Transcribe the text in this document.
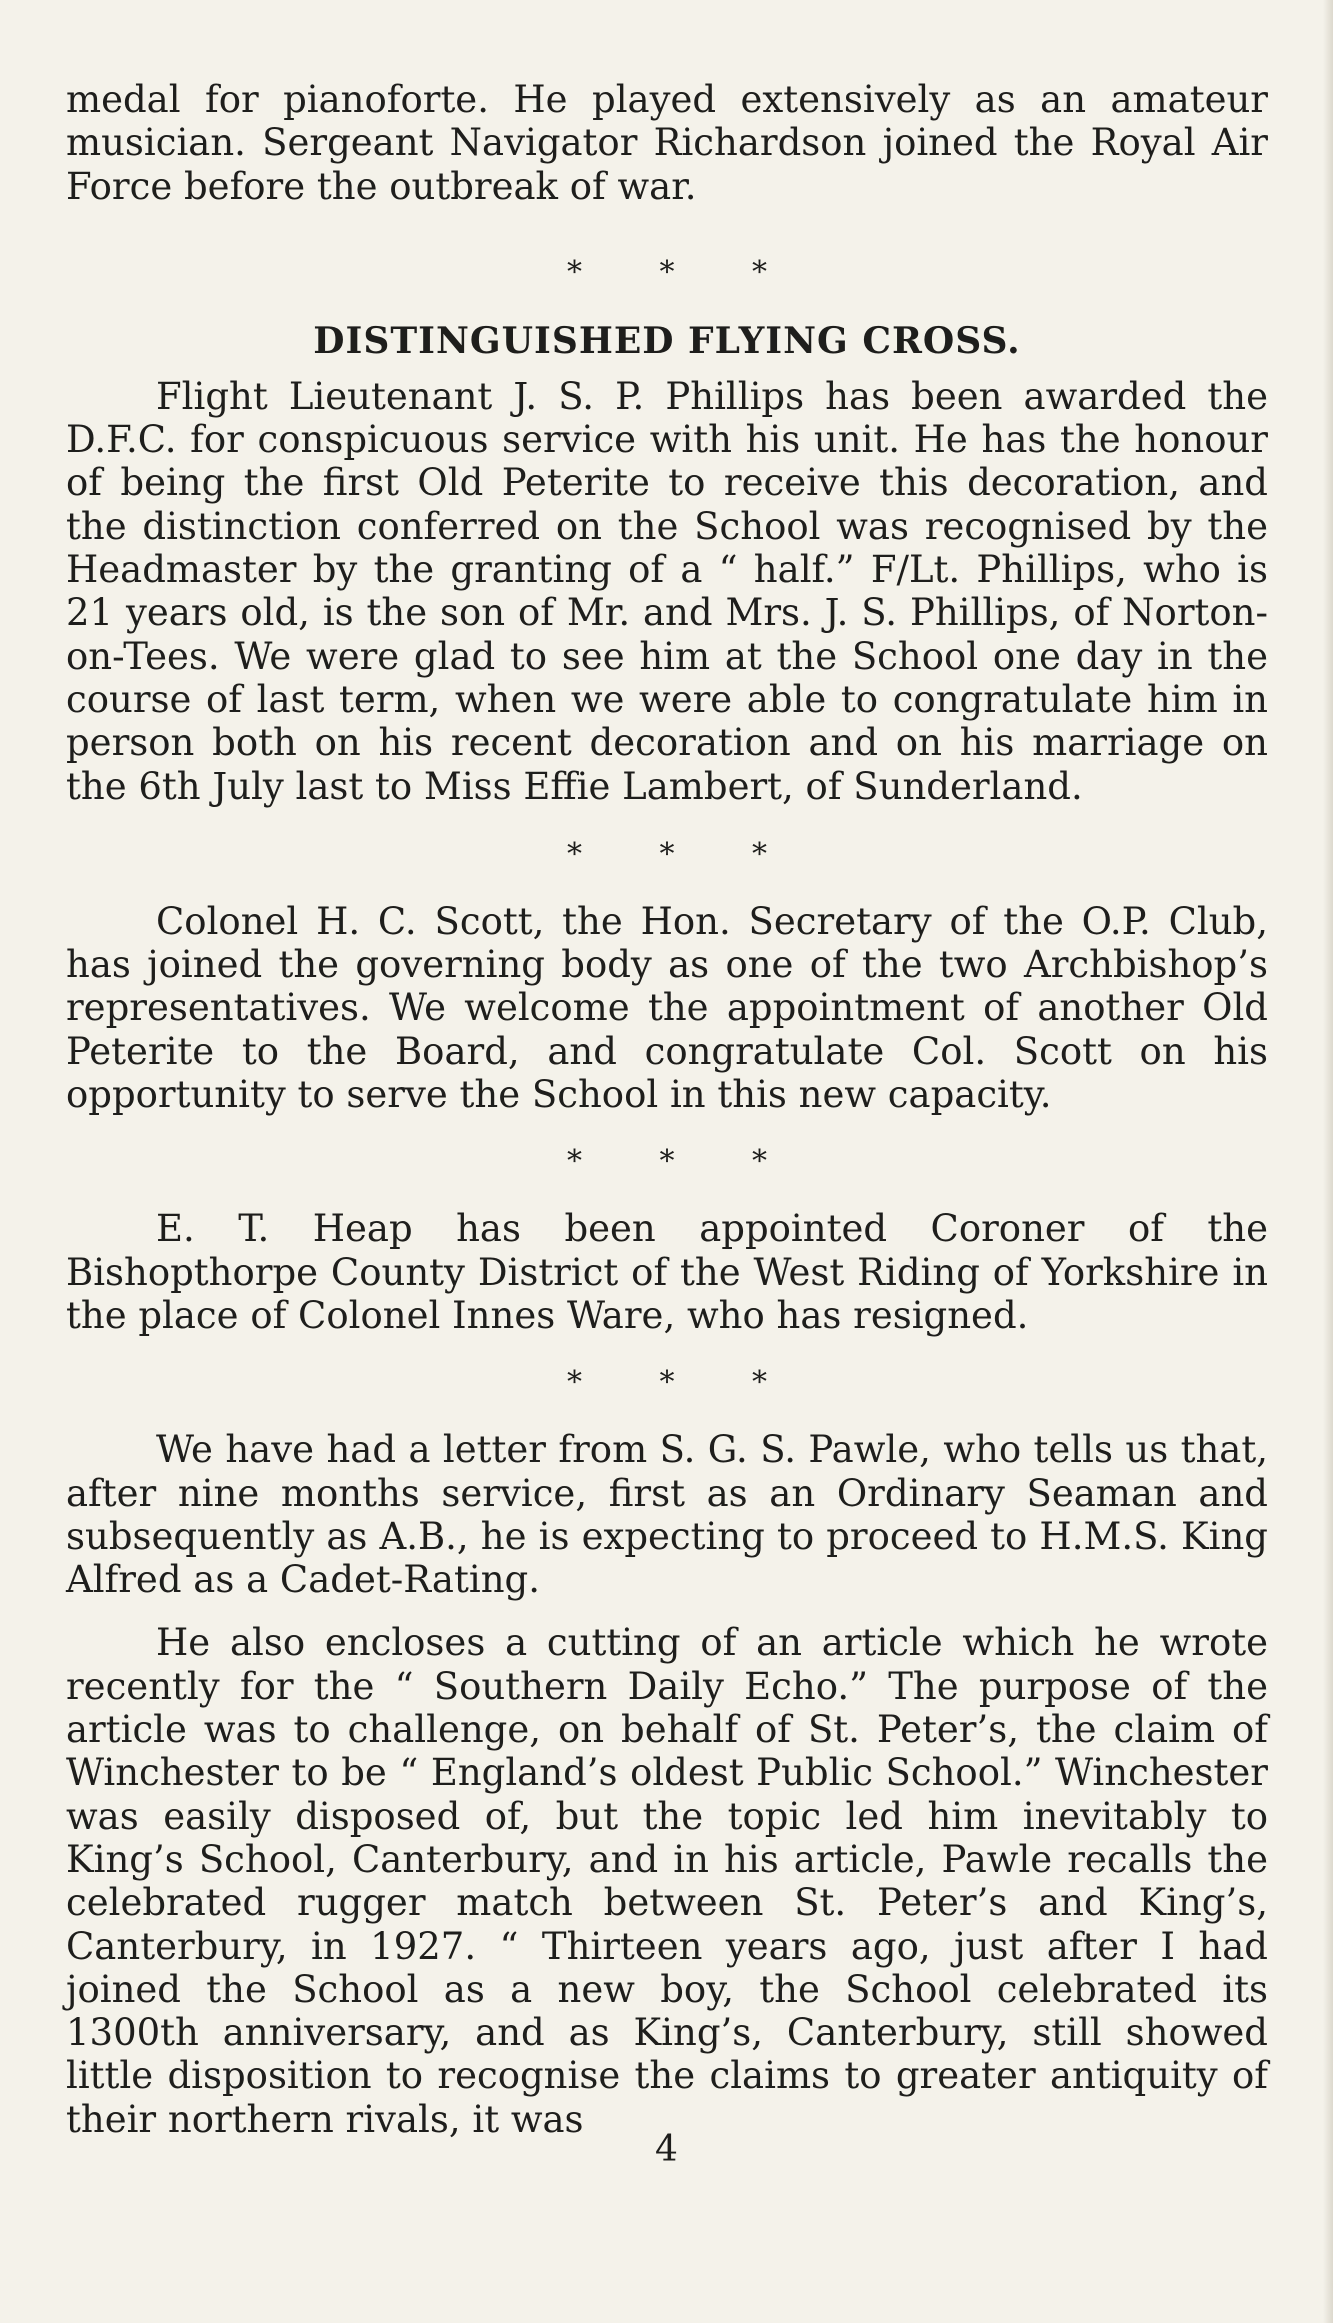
medal for pianoforte. He played extensively as an amateur musician. Sergeant Navigator Richardson joined the Royal Air Force before the outbreak of war.

* * *
DISTINGUISHED FLYING CROSS.

Flight Lieutenant J. S. P. Phillips has been awarded the D.F.C. for conspicuous service with his unit. He has the honour of being the first Old Peterite to receive this decoration, and the distinction conferred on the School was recognised by the Headmaster by the granting of a “ half.” F/Lt. Phillips, who is 21 years old, is the son of Mr. and Mrs. J. S. Phillips, of Norton-on-Tees. We were glad to see him at the School one day in the course of last term, when we were able to congratulate him in person both on his recent decoration and on his marriage on the 6th July last to Miss Effie Lambert, of Sunderland.

* * *

Colonel H. C. Scott, the Hon. Secretary of the O.P. Club, has joined the governing body as one of the two Archbishop’s representatives. We welcome the appointment of another Old Peterite to the Board, and congratulate Col. Scott on his opportunity to serve the School in this new capacity.

* * *

E. T. Heap has been appointed Coroner of the Bishopthorpe County District of the West Riding of Yorkshire in the place of Colonel Innes Ware, who has resigned.

* * *

We have had a letter from S. G. S. Pawle, who tells us that, after nine months service, first as an Ordinary Seaman and subsequently as A.B., he is expecting to proceed to H.M.S. King Alfred as a Cadet-Rating.

He also encloses a cutting of an article which he wrote recently for the “ Southern Daily Echo.” The purpose of the article was to challenge, on behalf of St. Peter’s, the claim of Winchester to be “ England’s oldest Public School.” Winchester was easily disposed of, but the topic led him inevitably to King’s School, Canterbury, and in his article, Pawle recalls the celebrated rugger match between St. Peter’s and King’s, Canterbury, in 1927. “ Thirteen years ago, just after I had joined the School as a new boy, the School celebrated its 1300th anniversary, and as King’s, Canterbury, still showed little disposition to recognise the claims to greater antiquity of their northern rivals, it was

4
